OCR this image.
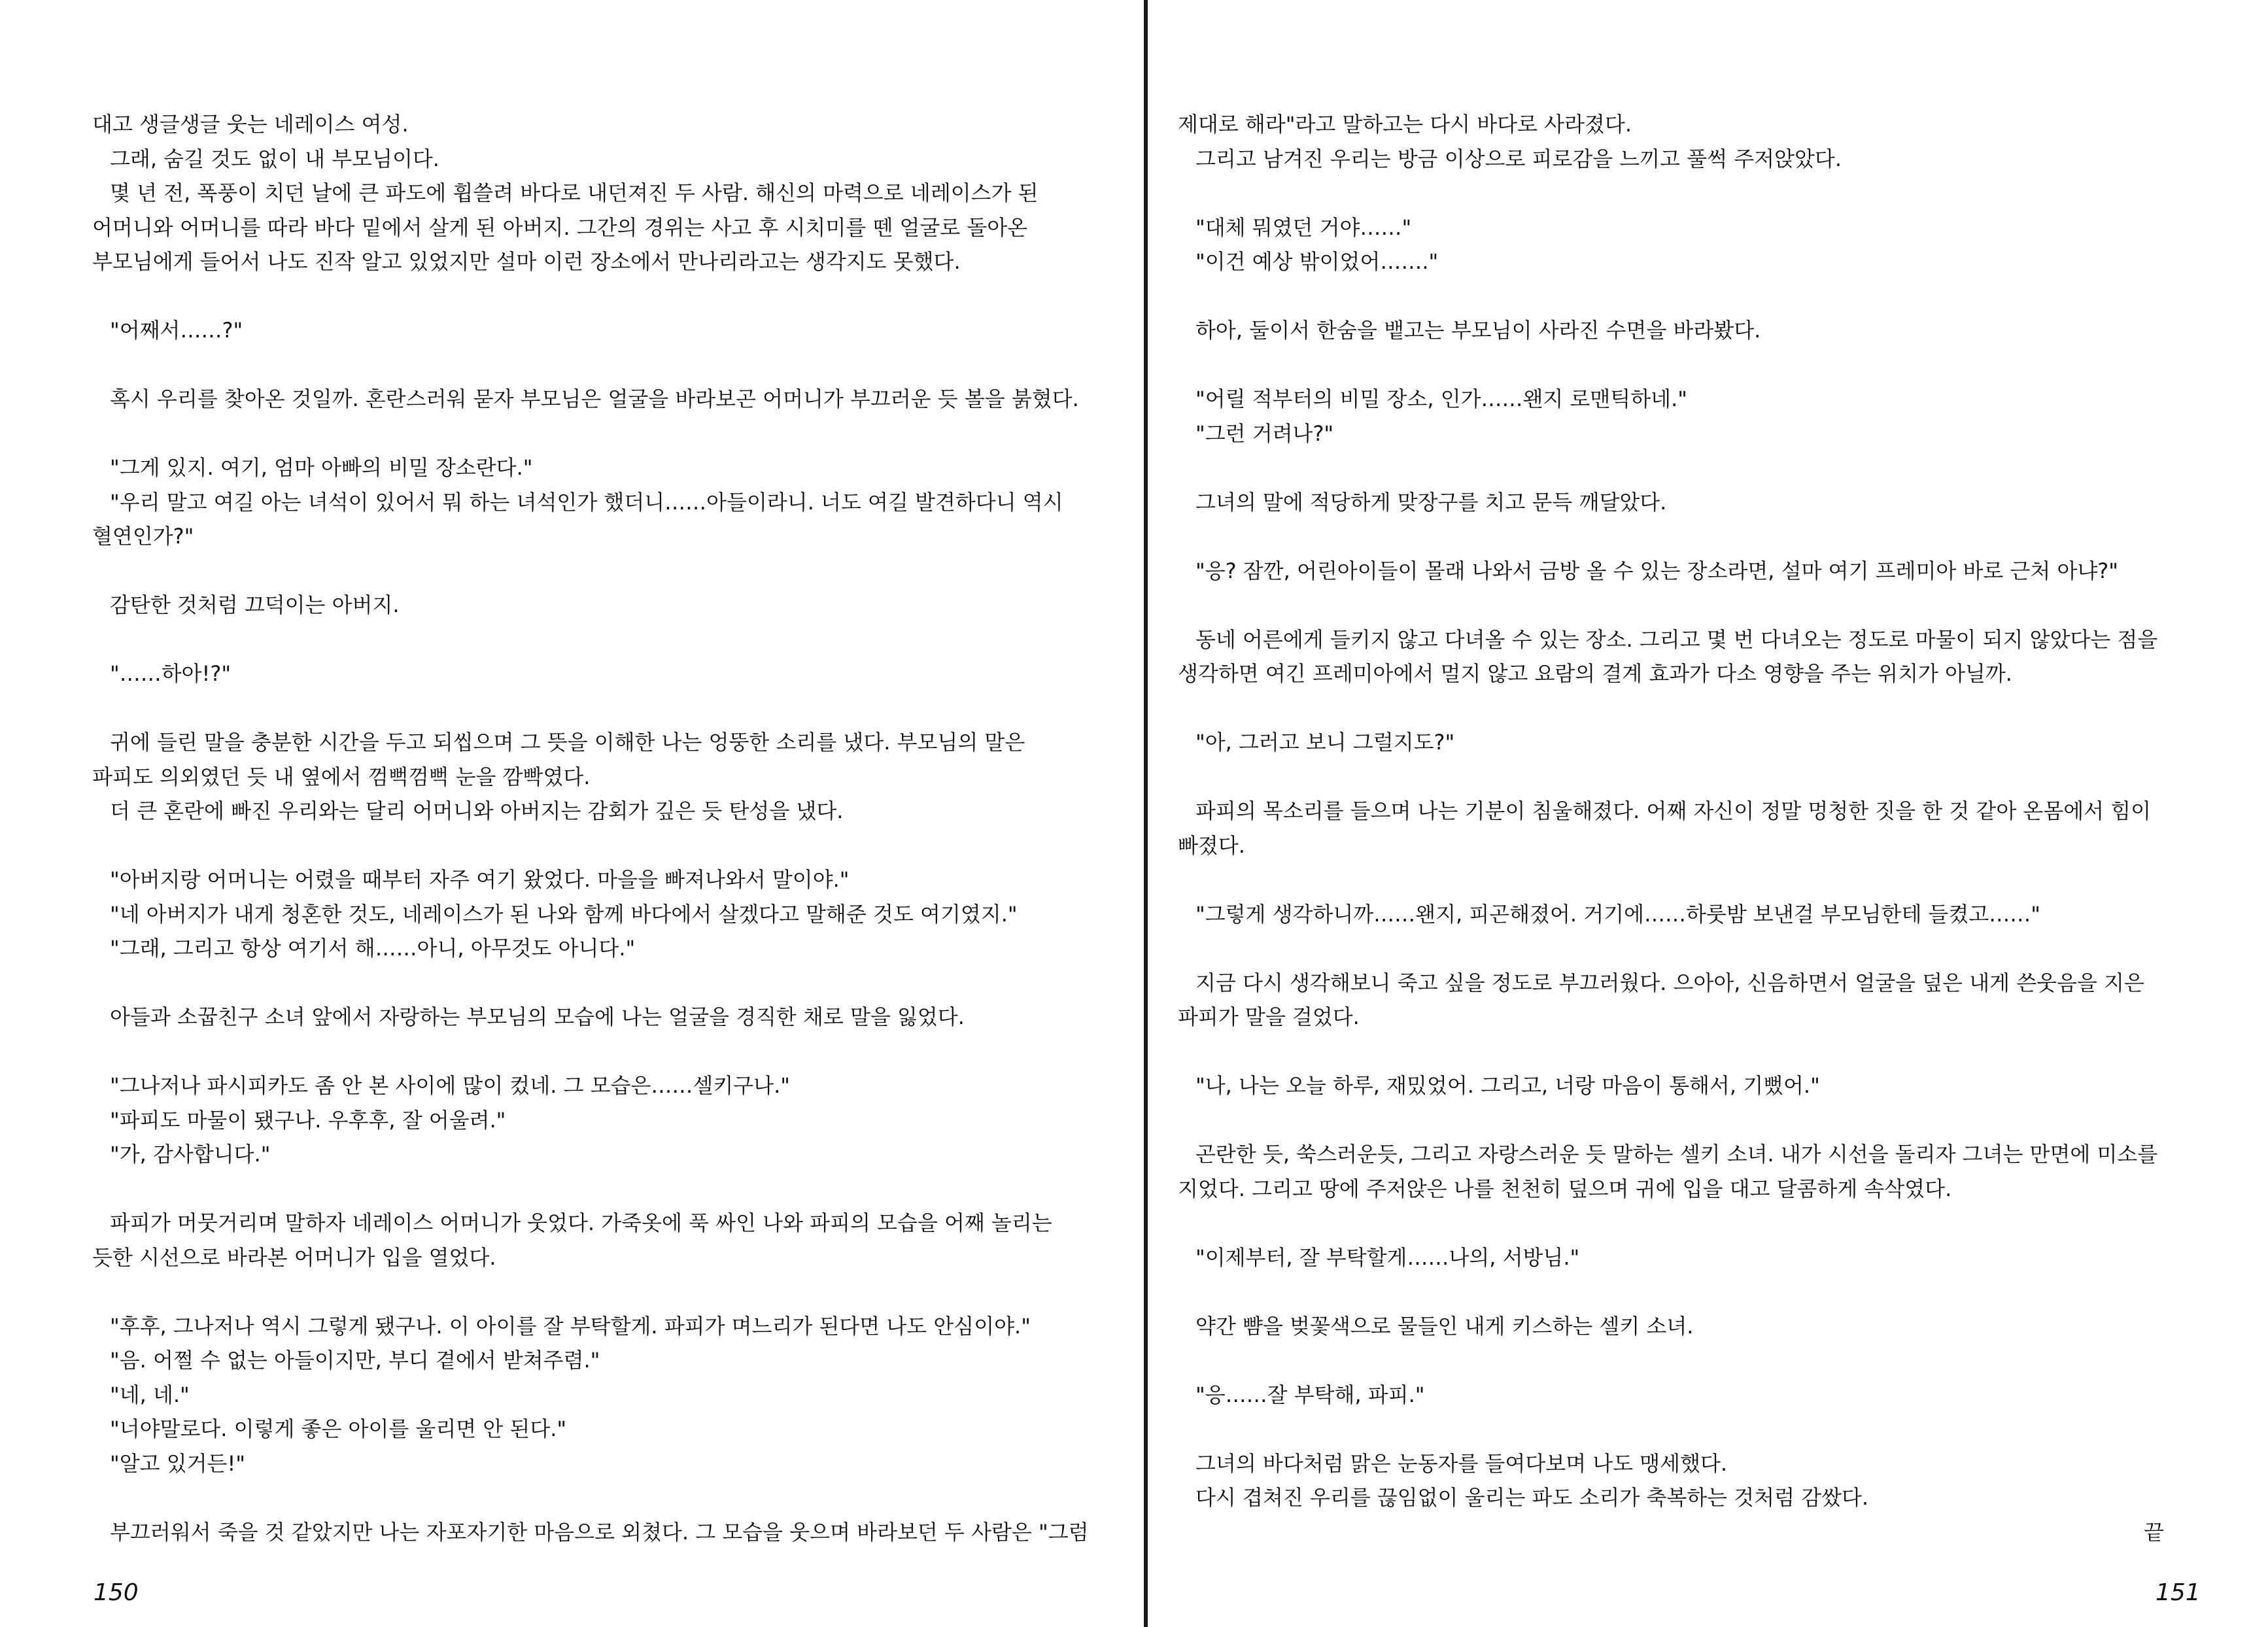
대고 생글생글 웃는 네레이스 여성.
그래, 숨길 것도 없이 내 부모님이다.
몇 년 전, 폭풍이 치던 날에 큰 파도에 휩쓸려 바다로 내던져진 두 사람. 해신의 마력으로 네레이스가 된
어머니와 어머니를 따라 바다 밑에서 살게 된 아버지. 그간의 경위는 사고 후 시치미를 뗀 얼굴로 돌아온
부모님에게 들어서 나도 진작 알고 있었지만 설마 이런 장소에서 만나리라고는 생각지도 못했다.
"어째서……?"
혹시 우리를 찾아온 것일까. 혼란스러워 묻자 부모님은 얼굴을 바라보곤 어머니가 부끄러운 듯 볼을 붉혔다.
"그게 있지. 여기, 엄마 아빠의 비밀 장소란다."
"우리 말고 여길 아는 녀석이 있어서 뭐 하는 녀석인가 했더니……아들이라니. 너도 여길 발견하다니 역시
혈연인가?"
감탄한 것처럼 끄덕이는 아버지.
"……하아!?"
귀에 들린 말을 충분한 시간을 두고 되씹으며 그 뜻을 이해한 나는 엉뚱한 소리를 냈다. 부모님의 말은
파피도 의외였던 듯 내 옆에서 껌뻑껌뻑 눈을 깜빡였다.
더 큰 혼란에 빠진 우리와는 달리 어머니와 아버지는 감회가 깊은 듯 탄성을 냈다.
"아버지랑 어머니는 어렸을 때부터 자주 여기 왔었다. 마을을 빠져나와서 말이야."
"네 아버지가 내게 청혼한 것도, 네레이스가 된 나와 함께 바다에서 살겠다고 말해준 것도 여기였지."
"그래, 그리고 항상 여기서 해……아니, 아무것도 아니다."
아들과 소꿉친구 소녀 앞에서 자랑하는 부모님의 모습에 나는 얼굴을 경직한 채로 말을 잃었다.
"그나저나 파시피카도 좀 안 본 사이에 많이 컸네. 그 모습은……셀키구나."
"파피도 마물이 됐구나. 우후후, 잘 어울려."
"가, 감사합니다."
파피가 머뭇거리며 말하자 네레이스 어머니가 웃었다. 가죽옷에 푹 싸인 나와 파피의 모습을 어째 놀리는
듯한 시선으로 바라본 어머니가 입을 열었다.
"후후, 그나저나 역시 그렇게 됐구나. 이 아이를 잘 부탁할게. 파피가 며느리가 된다면 나도 안심이야."
"음. 어쩔 수 없는 아들이지만, 부디 곁에서 받쳐주렴."
"네, 네."
"너야말로다. 이렇게 좋은 아이를 울리면 안 된다."
"알고 있거든!"
부끄러워서 죽을 것 같았지만 나는 자포자기한 마음으로 외쳤다. 그 모습을 웃으며 바라보던 두 사람은 "그럼
150
제대로 해라"라고 말하고는 다시 바다로 사라졌다.
그리고 남겨진 우리는 방금 이상으로 피로감을 느끼고 풀썩 주저앉았다.
"대체 뭐였던 거야……"
"이건 예상 밖이었어……."
하아, 둘이서 한숨을 뱉고는 부모님이 사라진 수면을 바라봤다.
"어릴 적부터의 비밀 장소, 인가……왠지 로맨틱하네."
"그런 거려나?"
그녀의 말에 적당하게 맞장구를 치고 문득 깨달았다.
"응? 잠깐, 어린아이들이 몰래 나와서 금방 올 수 있는 장소라면, 설마 여기 프레미아 바로 근처 아냐?"
동네 어른에게 들키지 않고 다녀올 수 있는 장소. 그리고 몇 번 다녀오는 정도로 마물이 되지 않았다는 점을
생각하면 여긴 프레미아에서 멀지 않고 요람의 결계 효과가 다소 영향을 주는 위치가 아닐까.
"아, 그러고 보니 그럴지도?"
파피의 목소리를 들으며 나는 기분이 침울해졌다. 어째 자신이 정말 멍청한 짓을 한 것 같아 온몸에서 힘이
빠졌다.
"그렇게 생각하니까……왠지, 피곤해졌어. 거기에……하룻밤 보낸걸 부모님한테 들켰고……"
지금 다시 생각해보니 죽고 싶을 정도로 부끄러웠다. 으아아, 신음하면서 얼굴을 덮은 내게 쓴웃음을 지은
파피가 말을 걸었다.
"나, 나는 오늘 하루, 재밌었어. 그리고, 너랑 마음이 통해서, 기뻤어."
곤란한 듯, 쑥스러운듯, 그리고 자랑스러운 듯 말하는 셀키 소녀. 내가 시선을 돌리자 그녀는 만면에 미소를
지었다. 그리고 땅에 주저앉은 나를 천천히 덮으며 귀에 입을 대고 달콤하게 속삭였다.
"이제부터, 잘 부탁할게……나의, 서방님."
약간 뺨을 벚꽃색으로 물들인 내게 키스하는 셀키 소녀.
"응……잘 부탁해, 파피."
그녀의 바다처럼 맑은 눈동자를 들여다보며 나도 맹세했다.
다시 겹쳐진 우리를 끊임없이 울리는 파도 소리가 축복하는 것처럼 감쌌다.
끝
151
